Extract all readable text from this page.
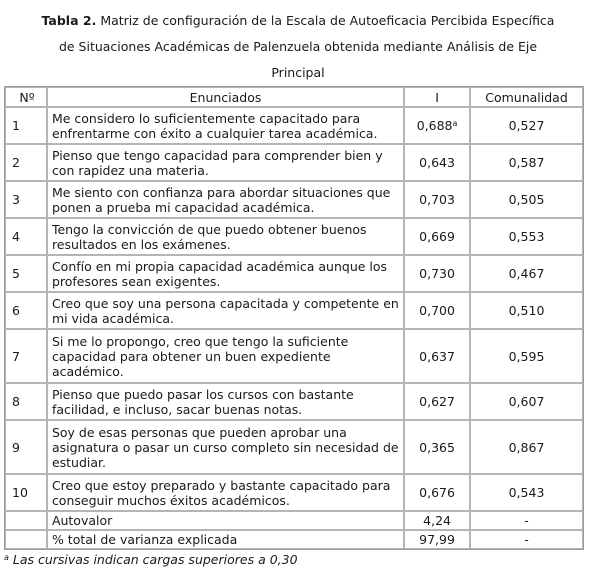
Tabla 2. Matriz de configuración de la Escala de Autoeficacia Percibida Específica
de Situaciones Académicas de Palenzuela obtenida mediante Análisis de Eje
Principal
Nº	Enunciados	I	Comunalidad
1	Me considero lo suficientemente capacitado para enfrentarme con éxito a cualquier tarea académica.	0,688$^a$	0,527
2	Pienso que tengo capacidad para comprender bien y con rapidez una materia.	0,643	0,587
3	Me siento con confianza para abordar situaciones que ponen a prueba mi capacidad académica.	0,703	0,505
4	Tengo la convicción de que puedo obtener buenos resultados en los exámenes.	0,669	0,553
5	Confío en mi propia capacidad académica aunque los profesores sean exigentes.	0,730	0,467
6	Creo que soy una persona capacitada y competente en mi vida académica.	0,700	0,510
7	Si me lo propongo, creo que tengo la suficiente capacidad para obtener un buen expediente académico.	0,637	0,595
8	Pienso que puedo pasar los cursos con bastante facilidad, e incluso, sacar buenas notas.	0,627	0,607
9	Soy de esas personas que pueden aprobar una asignatura o pasar un curso completo sin necesidad de estudiar.	0,365	0,867
10	Creo que estoy preparado y bastante capacitado para conseguir muchos éxitos académicos.	0,676	0,543
	Autovalor	4,24	-
	% total de varianza explicada	97,99	-
$^a$ Las cursivas indican cargas superiores a 0,30
